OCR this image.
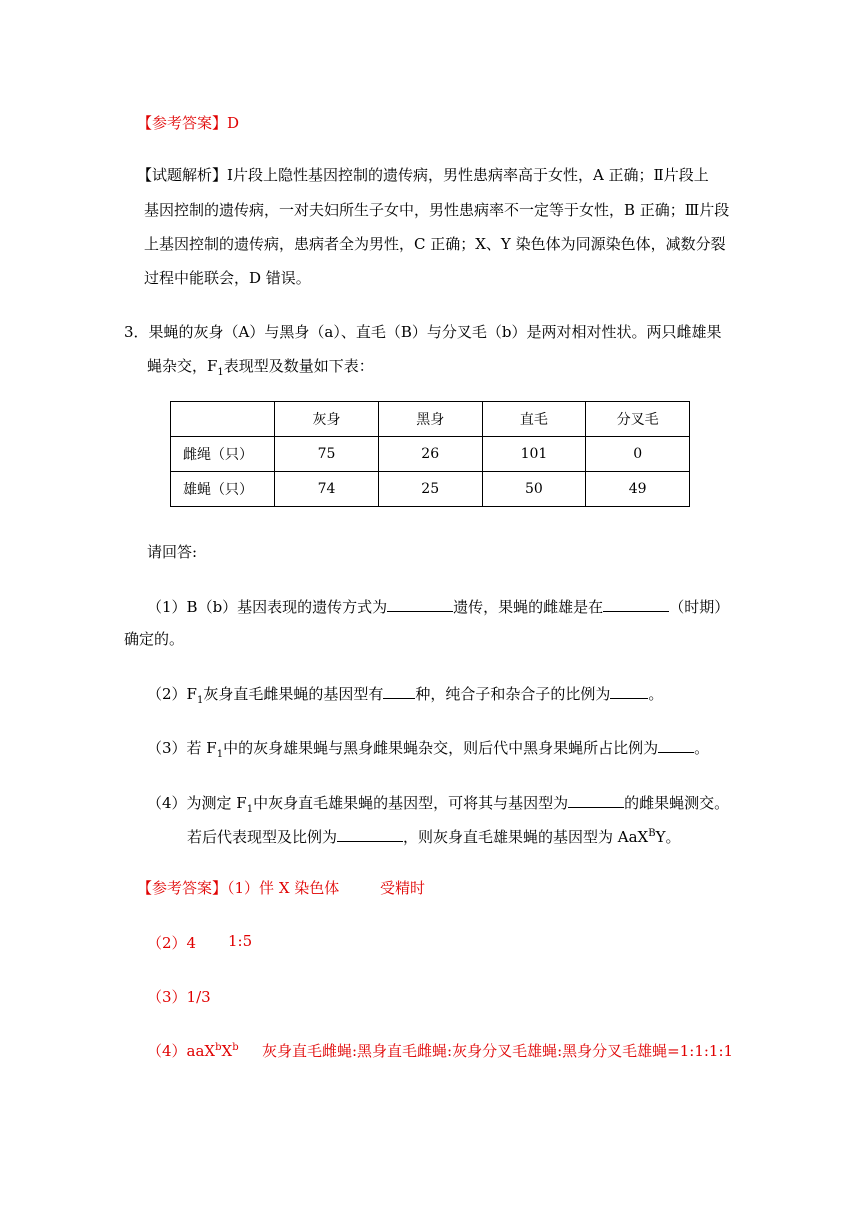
【参考答案】D
【试题解析】Ⅰ片段上隐性基因控制的遗传病，男性患病率高于女性，A 正确；Ⅱ片段上
基因控制的遗传病，一对夫妇所生子女中，男性患病率不一定等于女性，B 正确；Ⅲ片段
上基因控制的遗传病，患病者全为男性，C 正确；X、Y 染色体为同源染色体，减数分裂
过程中能联会，D 错误。
3．果蝇的灰身（A）与黑身（a）、直毛（B）与分叉毛（b）是两对相对性状。两只雌雄果
蝇杂交，$F_1$表现型及数量如下表：
	灰身	黑身	直毛	分叉毛
雌绳（只）	75	26	101	0
雄蝇（只）	74	25	50	49
请回答:
（1）B（b）基因表现的遗传方式为	遗传，果蝇的雌雄是在	（时期）
确定的。
$(2)F_1$灰身直毛雌果蝇的基因型有 种，纯合子和杂合子的比例为	。
（3）若 $F_1$中的灰身雄果蝇与黑身雌果蝇杂交，则后代中黑身果蝇所占比例为 。
（4）为测定 $F_1$中灰身直毛雄果蝇的基因型，可将其与基因型为	的雌果蝇测交。
若后代表现型及比例为	，则灰身直毛雄果蝇的基因型为 AaX$^B$Y。
【参考答案】（1）伴 X 染色体	受精时
（2）4 1:5
（3）1/3
$(4)aaX^bX^b$ 灰身直毛雌蝇:黑身直毛雌蝇:灰身分叉毛雄蝇:黑身分叉毛雄蝇=1:1:1:1
